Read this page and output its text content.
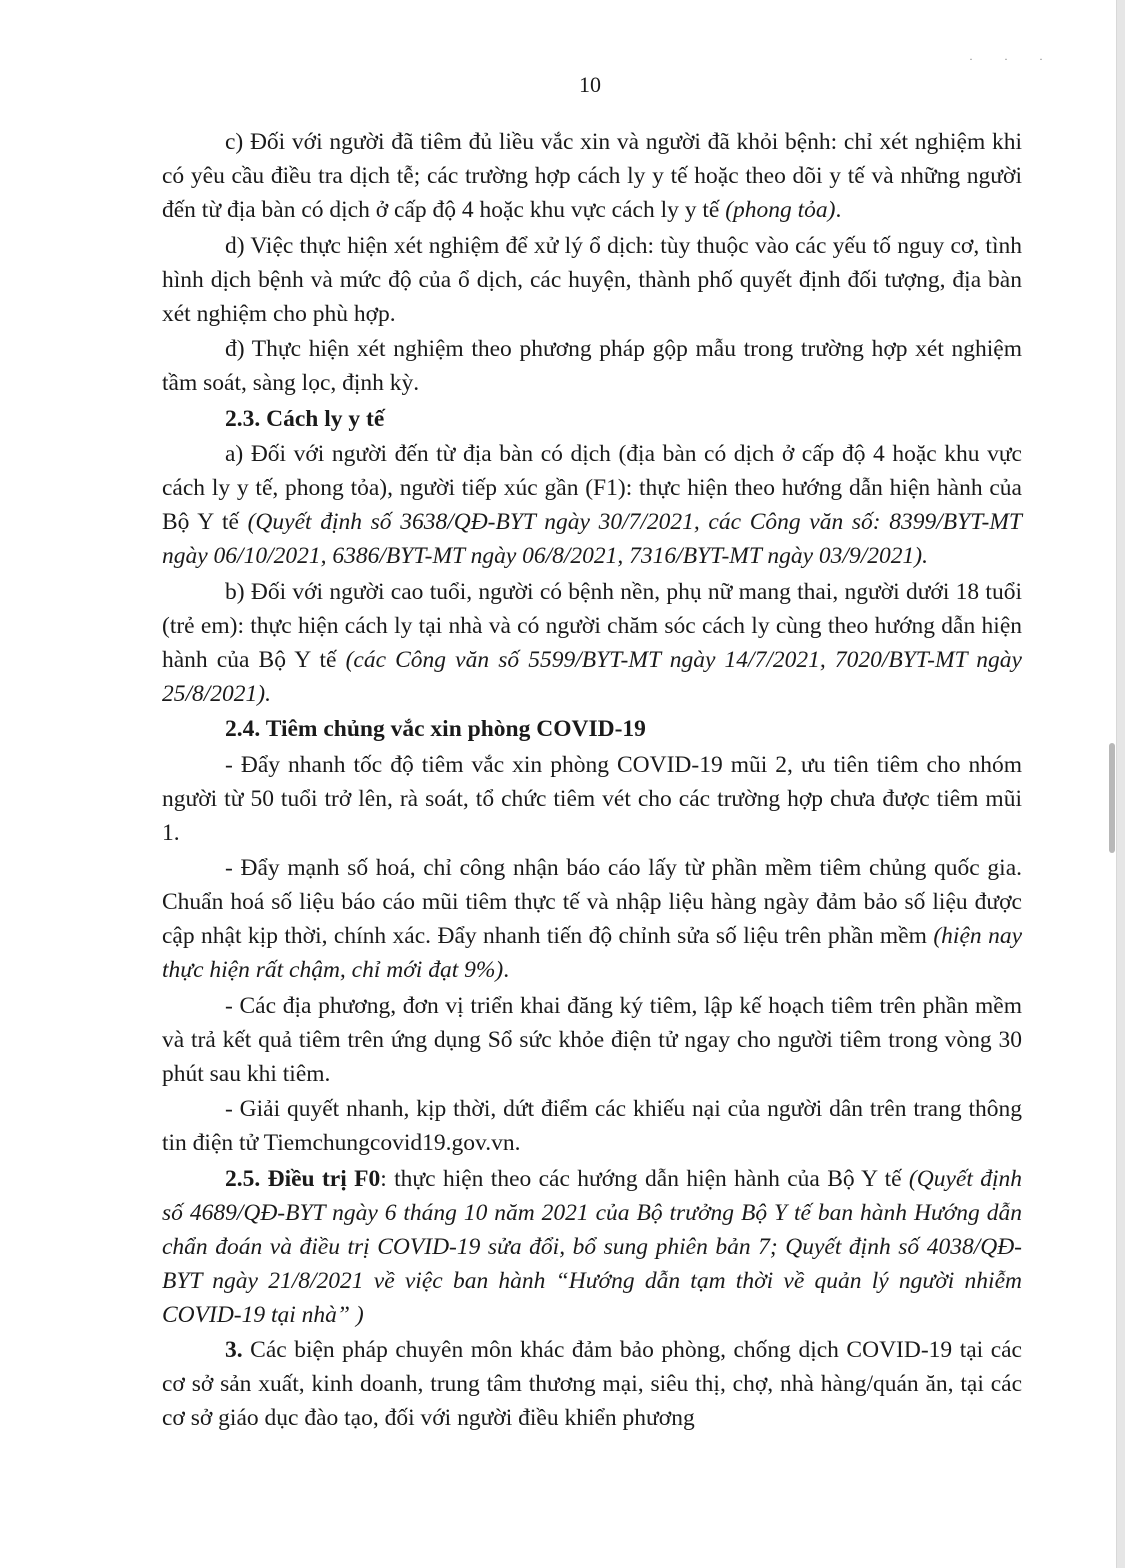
· · ·
10

c) Đối với người đã tiêm đủ liều vắc xin và người đã khỏi bệnh: chỉ xét nghiệm khi có yêu cầu điều tra dịch tễ; các trường hợp cách ly y tế hoặc theo dõi y tế và những người đến từ địa bàn có dịch ở cấp độ 4 hoặc khu vực cách ly y tế (phong tỏa).

d) Việc thực hiện xét nghiệm để xử lý ổ dịch: tùy thuộc vào các yếu tố nguy cơ, tình hình dịch bệnh và mức độ của ổ dịch, các huyện, thành phố quyết định đối tượng, địa bàn xét nghiệm cho phù hợp.

đ) Thực hiện xét nghiệm theo phương pháp gộp mẫu trong trường hợp xét nghiệm tầm soát, sàng lọc, định kỳ.

2.3. Cách ly y tế

a) Đối với người đến từ địa bàn có dịch (địa bàn có dịch ở cấp độ 4 hoặc khu vực cách ly y tế, phong tỏa), người tiếp xúc gần (F1): thực hiện theo hướng dẫn hiện hành của Bộ Y tế (Quyết định số 3638/QĐ-BYT ngày 30/7/2021, các Công văn số: 8399/BYT-MT ngày 06/10/2021, 6386/BYT-MT ngày 06/8/2021, 7316/BYT-MT ngày 03/9/2021).

b) Đối với người cao tuổi, người có bệnh nền, phụ nữ mang thai, người dưới 18 tuổi (trẻ em): thực hiện cách ly tại nhà và có người chăm sóc cách ly cùng theo hướng dẫn hiện hành của Bộ Y tế (các Công văn số 5599/BYT-MT ngày 14/7/2021, 7020/BYT-MT ngày 25/8/2021).

2.4. Tiêm chủng vắc xin phòng COVID-19

- Đẩy nhanh tốc độ tiêm vắc xin phòng COVID-19 mũi 2, ưu tiên tiêm cho nhóm người từ 50 tuổi trở lên, rà soát, tổ chức tiêm vét cho các trường hợp chưa được tiêm mũi 1.

- Đẩy mạnh số hoá, chỉ công nhận báo cáo lấy từ phần mềm tiêm chủng quốc gia. Chuẩn hoá số liệu báo cáo mũi tiêm thực tế và nhập liệu hàng ngày đảm bảo số liệu được cập nhật kịp thời, chính xác. Đẩy nhanh tiến độ chỉnh sửa số liệu trên phần mềm (hiện nay thực hiện rất chậm, chỉ mới đạt 9%).

- Các địa phương, đơn vị triển khai đăng ký tiêm, lập kế hoạch tiêm trên phần mềm và trả kết quả tiêm trên ứng dụng Sổ sức khỏe điện tử ngay cho người tiêm trong vòng 30 phút sau khi tiêm.

- Giải quyết nhanh, kịp thời, dứt điểm các khiếu nại của người dân trên trang thông tin điện tử Tiemchungcovid19.gov.vn.

2.5. Điều trị F0: thực hiện theo các hướng dẫn hiện hành của Bộ Y tế (Quyết định số 4689/QĐ-BYT ngày 6 tháng 10 năm 2021 của Bộ trưởng Bộ Y tế ban hành Hướng dẫn chẩn đoán và điều trị COVID-19 sửa đổi, bổ sung phiên bản 7; Quyết định số 4038/QĐ-BYT ngày 21/8/2021 về việc ban hành “Hướng dẫn tạm thời về quản lý người nhiễm COVID-19 tại nhà” )

3. Các biện pháp chuyên môn khác đảm bảo phòng, chống dịch COVID-19 tại các cơ sở sản xuất, kinh doanh, trung tâm thương mại, siêu thị, chợ, nhà hàng/quán ăn, tại các cơ sở giáo dục đào tạo, đối với người điều khiển phương
